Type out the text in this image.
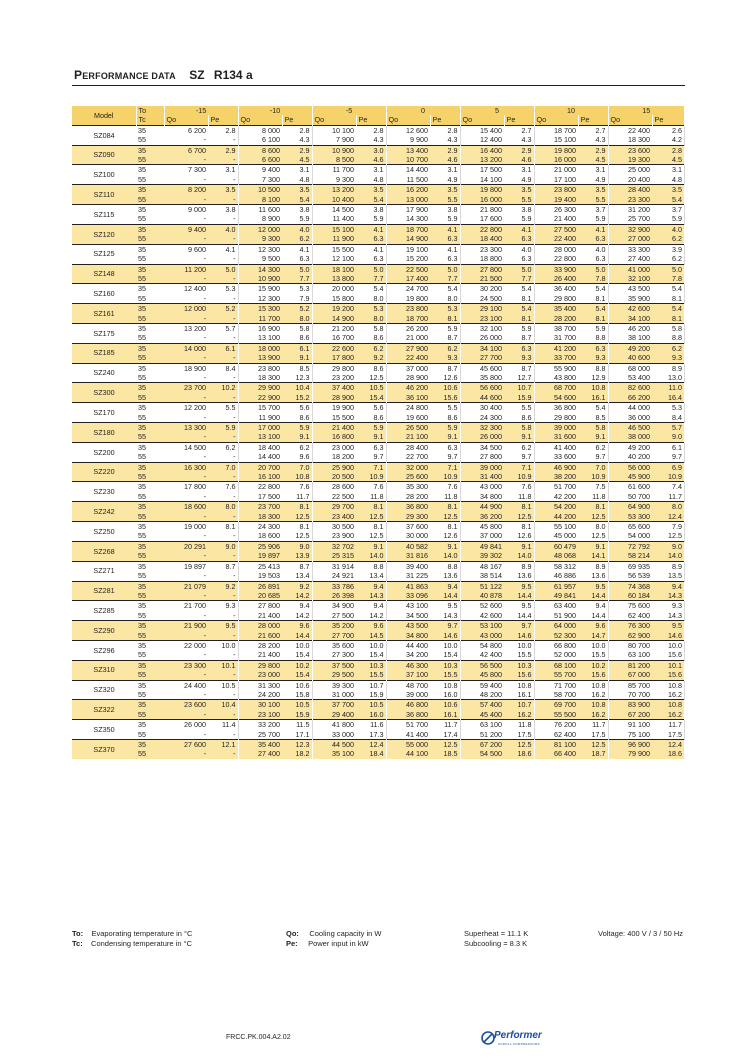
PERFORMANCE DATA SZ R134 a
Model	To	-15		-10		-5		0		5		10		15	
	Tc	Qo	Pe	Qo	Pe	Qo	Pe	Qo	Pe	Qo	Pe	Qo	Pe	Qo	Pe
SZ084	35	6 200	2.8	8 000	2.8	10 100	2.8	12 600	2.8	15 400	2.7	18 700	2.7	22 400	2.6
	55	-	-	6 100	4.3	7 900	4.3	9 900	4.3	12 400	4.3	15 100	4.3	18 300	4.2
SZ090	35	6 700	2.9	8 600	2.9	10 900	3.0	13 400	2.9	16 400	2.9	19 800	2.9	23 600	2.8
	55	-	-	6 600	4.5	8 500	4.6	10 700	4.6	13 200	4.6	16 000	4.5	19 300	4.5
SZ100	35	7 300	3.1	9 400	3.1	11 700	3.1	14 400	3.1	17 500	3.1	21 000	3.1	25 000	3.1
	55	-	-	7 300	4.8	9 300	4.8	11 500	4.9	14 100	4.9	17 100	4.9	20 400	4.8
SZ110	35	8 200	3.5	10 500	3.5	13 200	3.5	16 200	3.5	19 800	3.5	23 800	3.5	28 400	3.5
	55	-	-	8 100	5.4	10 400	5.4	13 000	5.5	16 000	5.5	19 400	5.5	23 300	5.4
SZ115	35	9 000	3.8	11 600	3.8	14 500	3.8	17 900	3.8	21 800	3.8	26 300	3.7	31 200	3.7
	55	-	-	8 900	5.9	11 400	5.9	14 300	5.9	17 600	5.9	21 400	5.9	25 700	5.9
SZ120	35	9 400	4.0	12 000	4.0	15 100	4.1	18 700	4.1	22 800	4.1	27 500	4.1	32 900	4.0
	55	-	-	9 300	6.2	11 900	6.3	14 900	6.3	18 400	6.3	22 400	6.3	27 000	6.2
SZ125	35	9 600	4.1	12 300	4.1	15 500	4.1	19 100	4.1	23 300	4.0	28 000	4.0	33 300	3.9
	55	-	-	9 500	6.3	12 100	6.3	15 200	6.3	18 800	6.3	22 800	6.3	27 400	6.2
SZ148	35	11 200	5.0	14 300	5.0	18 100	5.0	22 500	5.0	27 800	5.0	33 900	5.0	41 000	5.0
	55	-	-	10 900	7.7	13 800	7.7	17 400	7.7	21 500	7.7	26 400	7.8	32 100	7.8
SZ160	35	12 400	5.3	15 900	5.3	20 000	5.4	24 700	5.4	30 200	5.4	36 400	5.4	43 500	5.4
	55	-	-	12 300	7.9	15 800	8.0	19 800	8.0	24 500	8.1	29 800	8.1	35 900	8.1
SZ161	35	12 000	5.2	15 300	5.2	19 200	5.3	23 800	5.3	29 100	5.4	35 400	5.4	42 600	5.4
	55	-	-	11 700	8.0	14 900	8.0	18 700	8.1	23 100	8.1	28 200	8.1	34 100	8.1
SZ175	35	13 200	5.7	16 900	5.8	21 200	5.8	26 200	5.9	32 100	5.9	38 700	5.9	46 200	5.8
	55	-	-	13 100	8.6	16 700	8.6	21 000	8.7	26 000	8.7	31 700	8.8	38 100	8.8
SZ185	35	14 000	6.1	18 000	6.1	22 600	6.2	27 900	6.2	34 100	6.3	41 200	6.3	49 200	6.2
	55	-	-	13 900	9.1	17 800	9.2	22 400	9.3	27 700	9.3	33 700	9.3	40 600	9.3
SZ240	35	18 900	8.4	23 800	8.5	29 800	8.6	37 000	8.7	45 600	8.7	55 900	8.8	68 000	8.9
	55	-	-	18 300	12.3	23 200	12.5	28 900	12.6	35 800	12.7	43 800	12.9	53 400	13.0
SZ300	35	23 700	10.2	29 900	10.4	37 400	10.5	46 200	10.6	56 600	10.7	68 700	10.8	82 600	11.0
	55	-	-	22 900	15.2	28 900	15.4	36 100	15.6	44 600	15.9	54 600	16.1	66 200	16.4
SZ170	35	12 200	5.5	15 700	5.6	19 900	5.6	24 800	5.5	30 400	5.5	36 800	5.4	44 000	5.3
	55	-	-	11 900	8.6	15 500	8.6	19 600	8.6	24 300	8.6	29 800	8.5	36 000	8.4
SZ180	35	13 300	5.9	17 000	5.9	21 400	5.9	26 500	5.9	32 300	5.8	39 000	5.8	46 500	5.7
	55	-	-	13 100	9.1	16 800	9.1	21 100	9.1	26 000	9.1	31 600	9.1	38 000	9.0
SZ200	35	14 500	6.2	18 400	6.2	23 000	6.3	28 400	6.3	34 500	6.2	41 400	6.2	49 200	6.1
	55	-	-	14 400	9.6	18 200	9.7	22 700	9.7	27 800	9.7	33 600	9.7	40 200	9.7
SZ220	35	16 300	7.0	20 700	7.0	25 900	7.1	32 000	7.1	39 000	7.1	46 900	7.0	56 000	6.9
	55	-	-	16 100	10.8	20 500	10.9	25 600	10.9	31 400	10.9	38 200	10.9	45 900	10.9
SZ230	35	17 800	7.6	22 800	7.6	28 600	7.6	35 300	7.6	43 000	7.6	51 700	7.5	61 600	7.4
	55	-	-	17 500	11.7	22 500	11.8	28 200	11.8	34 800	11.8	42 200	11.8	50 700	11.7
SZ242	35	18 600	8.0	23 700	8.1	29 700	8.1	36 800	8.1	44 900	8.1	54 200	8.1	64 900	8.0
	55	-	-	18 300	12.5	23 400	12.5	29 300	12.5	36 200	12.5	44 200	12.5	53 300	12.4
SZ250	35	19 000	8.1	24 300	8.1	30 500	8.1	37 600	8.1	45 800	8.1	55 100	8.0	65 600	7.9
	55	-	-	18 600	12.5	23 900	12.5	30 000	12.6	37 000	12.6	45 000	12.5	54 000	12.5
SZ268	35	20 291	9.0	25 906	9.0	32 702	9.1	40 582	9.1	49 841	9.1	60 479	9.1	72 792	9.0
	55	-	-	19 897	13.9	25 315	14.0	31 816	14.0	39 302	14.0	48 068	14.1	58 214	14.0
SZ271	35	19 897	8.7	25 413	8.7	31 914	8.8	39 400	8.8	48 167	8.9	58 312	8.9	69 935	8.9
	55	-	-	19 503	13.4	24 921	13.4	31 225	13.6	38 514	13.6	46 886	13.6	56 539	13.5
SZ281	35	21 079	9.2	26 891	9.2	33 786	9.4	41 863	9.4	51 122	9.5	61 957	9.5	74 368	9.4
	55	-	-	20 685	14.2	26 398	14.3	33 096	14.4	40 878	14.4	49 841	14.4	60 184	14.3
SZ285	35	21 700	9.3	27 800	9.4	34 900	9.4	43 100	9.5	52 600	9.5	63 400	9.4	75 600	9.3
	55	-	-	21 400	14.2	27 500	14.2	34 500	14.3	42 600	14.4	51 900	14.4	62 400	14.3
SZ290	35	21 900	9.5	28 000	9.6	35 200	9.6	43 500	9.7	53 100	9.7	64 000	9.6	76 300	9.5
	55	-	-	21 600	14.4	27 700	14.5	34 800	14.6	43 000	14.6	52 300	14.7	62 900	14.6
SZ296	35	22 000	10.0	28 200	10.0	35 600	10.0	44 400	10.0	54 800	10.0	66 800	10.0	80 700	10.0
	55	-	-	21 400	15.4	27 300	15.4	34 200	15.4	42 400	15.5	52 000	15.5	63 100	15.6
SZ310	35	23 300	10.1	29 800	10.2	37 500	10.3	46 300	10.3	56 500	10.3	68 100	10.2	81 200	10.1
	55	-	-	23 000	15.4	29 500	15.5	37 100	15.5	45 800	15.6	55 700	15.6	67 000	15.6
SZ320	35	24 400	10.5	31 300	10.6	39 300	10.7	48 700	10.8	59 400	10.8	71 700	10.8	85 700	10.8
	55	-	-	24 200	15.8	31 000	15.9	39 000	16.0	48 200	16.1	58 700	16.2	70 700	16.2
SZ322	35	23 600	10.4	30 100	10.5	37 700	10.5	46 800	10.6	57 400	10.7	69 700	10.8	83 900	10.8
	55	-	-	23 100	15.9	29 400	16.0	36 800	16.1	45 400	16.2	55 500	16.2	67 200	16.2
SZ350	35	26 000	11.4	33 200	11.5	41 800	11.6	51 700	11.7	63 100	11.8	76 200	11.7	91 100	11.7
	55	-	-	25 700	17.1	33 000	17.3	41 400	17.4	51 200	17.5	62 400	17.5	75 100	17.5
SZ370	35	27 600	12.1	35 400	12.3	44 500	12.4	55 000	12.5	67 200	12.5	81 100	12.5	96 900	12.4
	55	-	-	27 400	18.2	35 100	18.4	44 100	18.5	54 500	18.6	66 400	18.7	79 900	18.6
To: Evaporating temperature in °C
Tc: Condensing temperature in °C
Qo: Cooling capacity in W
Pe: Power input in kW
Superheat = 11.1 K
Subcooling = 8.3 K
Voltage: 400 V / 3 / 50 Hz
FRCC.PK.004.A2.02	Performer
SCROLL COMPRESSORS
